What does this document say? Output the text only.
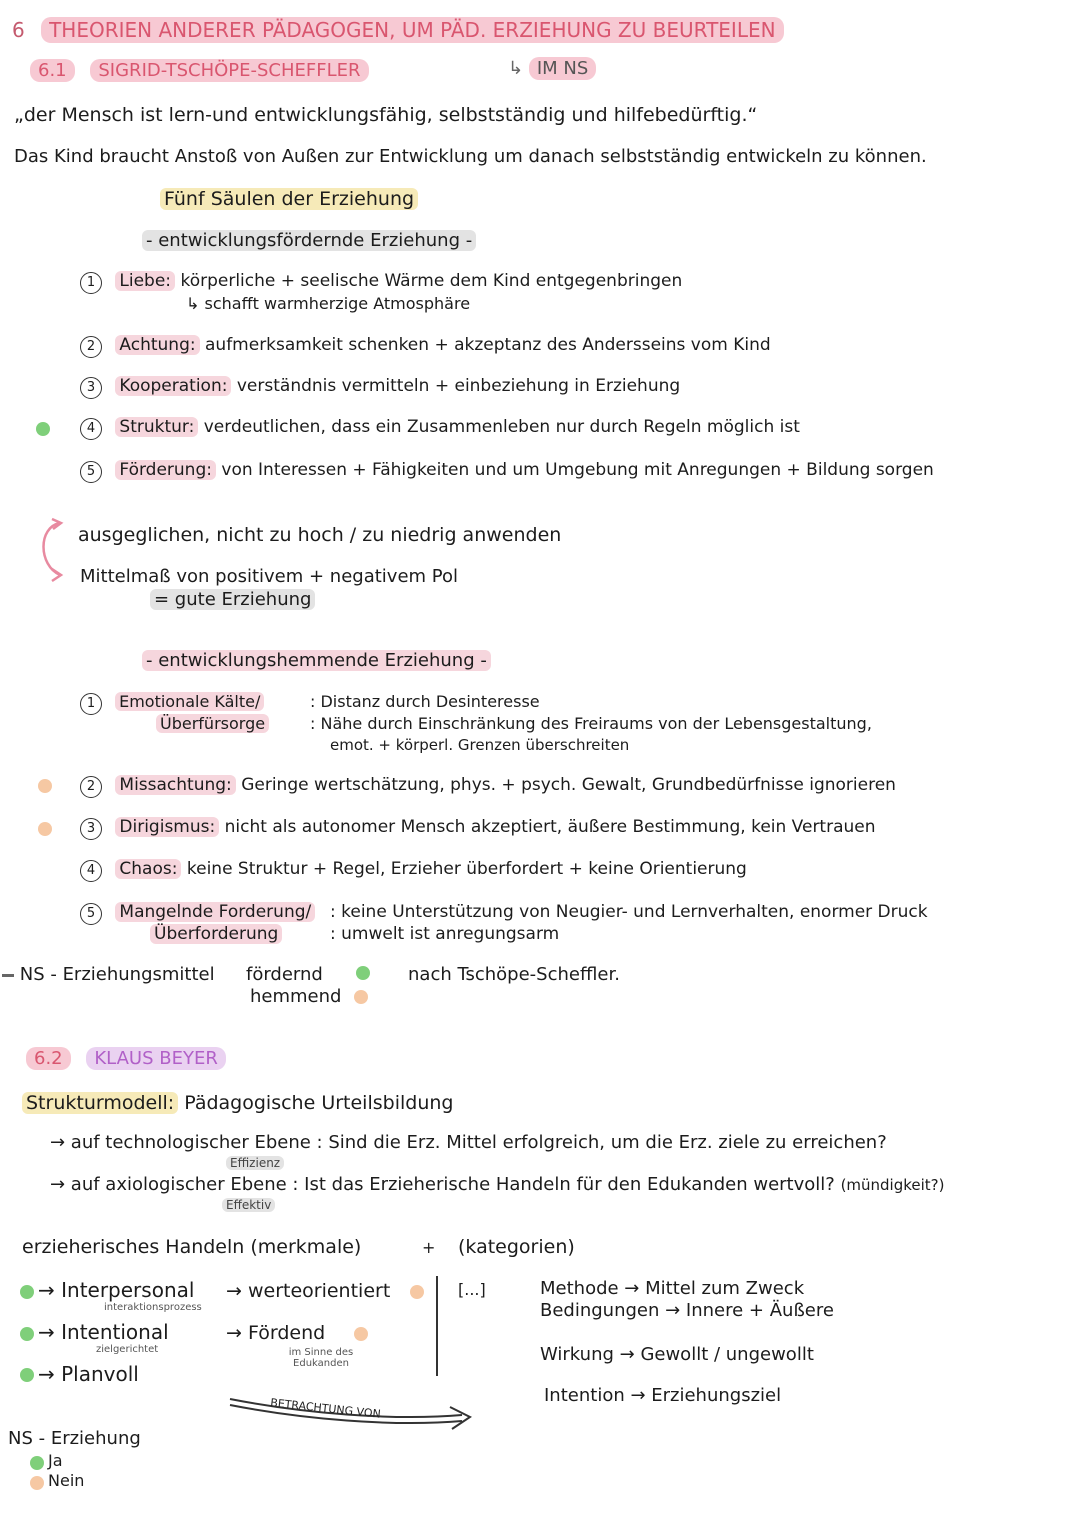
6 THEORIEN ANDERER PÄDAGOGEN, UM PÄD. ERZIEHUNG ZU BEURTEILEN
6.1 SIGRID-TSCHÖPE-SCHEFFLER	↳ IM NS
„der Mensch ist lern-und entwicklungsfähig, selbstständig und hilfebedürftig.“
Das Kind braucht Anstoß von Außen zur Entwicklung um danach selbstständig entwickeln zu können.
Fünf Säulen der Erziehung
- entwicklungsfördernde Erziehung -
1 Liebe: körperliche + seelische Wärme dem Kind entgegenbringen
↳ schafft warmherzige Atmosphäre
2 Achtung: aufmerksamkeit schenken + akzeptanz des Andersseins vom Kind
3 Kooperation: verständnis vermitteln + einbeziehung in Erziehung
4 Struktur: verdeutlichen, dass ein Zusammenleben nur durch Regeln möglich ist
5 Förderung: von Interessen + Fähigkeiten und um Umgebung mit Anregungen + Bildung sorgen
ausgeglichen, nicht zu hoch / zu niedrig anwenden
Mittelmaß von positivem + negativem Pol
= gute Erziehung
- entwicklungshemmende Erziehung -
1 Emotionale Kälte/
Überfürsorge
: Distanz durch Desinteresse
: Nähe durch Einschränkung des Freiraums von der Lebensgestaltung,
emot. + körperl. Grenzen überschreiten
2 Missachtung: Geringe wertschätzung, phys. + psych. Gewalt, Grundbedürfnisse ignorieren
3 Dirigismus: nicht als autonomer Mensch akzeptiert, äußere Bestimmung, kein Vertrauen
4 Chaos: keine Struktur + Regel, Erzieher überfordert + keine Orientierung
5 Mangelnde Forderung/
Überforderung
: keine Unterstützung von Neugier- und Lernverhalten, enormer Druck
: umwelt ist anregungsarm
NS - Erziehungsmittel fördernd
hemmend
nach Tschöpe-Scheffler.
6.2 KLAUS BEYER
Strukturmodell: Pädagogische Urteilsbildung
→ auf technologischer Ebene : Sind die Erz. Mittel erfolgreich, um die Erz. ziele zu erreichen?
Effizienz
→ auf axiologischer Ebene : Ist das Erzieherische Handeln für den Edukanden wertvoll? (mündigkeit?)
Effektiv
erzieherisches Handeln (merkmale)	+ (kategorien)
→ Interpersonal
interaktionsprozess
→ Intentional
zielgerichtet
→ Planvoll
→ werteorientiert
→ Fördend
im Sinne des Edukanden
[...]	Methode → Mittel zum Zweck
Bedingungen → Innere + Äußere
Wirkung → Gewollt / ungewollt
Intention → Erziehungsziel
BETRACHTUNG VON
NS - Erziehung
Ja
Nein
